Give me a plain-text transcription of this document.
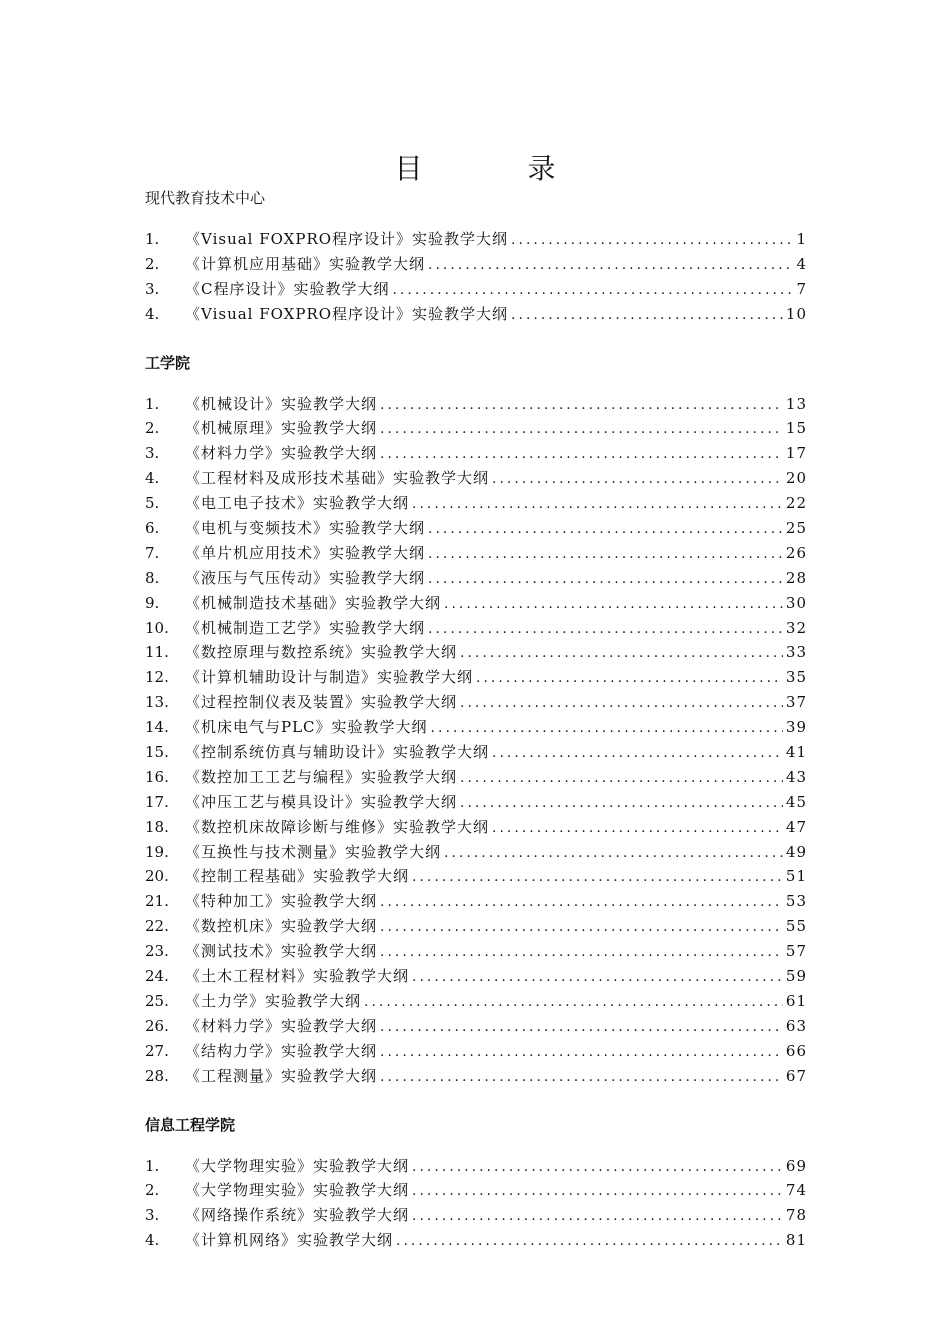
目 录
现代教育技术中心
1.	《Visual FOXPRO程序设计》实验教学大纲 .....	1
2.	《计算机应用基础》实验教学大纲 .....	4
3.	《C程序设计》实验教学大纲 .....	7
4.	《Visual FOXPRO程序设计》实验教学大纲 .....	10
工学院
1.	《机械设计》实验教学大纲 .....	13
2.	《机械原理》实验教学大纲 .....	15
3.	《材料力学》实验教学大纲 .....	17
4.	《工程材料及成形技术基础》实验教学大纲 .....	20
5.	《电工电子技术》实验教学大纲 .....	22
6.	《电机与变频技术》实验教学大纲 .....	25
7.	《单片机应用技术》实验教学大纲 .....	26
8.	《液压与气压传动》实验教学大纲 .....	28
9.	《机械制造技术基础》实验教学大纲 .....	30
10.	《机械制造工艺学》实验教学大纲 .....	32
11.	《数控原理与数控系统》实验教学大纲 .....	33
12.	《计算机辅助设计与制造》实验教学大纲 .....	35
13.	《过程控制仪表及装置》实验教学大纲 .....	37
14.	《机床电气与PLC》实验教学大纲 .....	39
15.	《控制系统仿真与辅助设计》实验教学大纲 .....	41
16.	《数控加工工艺与编程》实验教学大纲 .....	43
17.	《冲压工艺与模具设计》实验教学大纲 .....	45
18.	《数控机床故障诊断与维修》实验教学大纲 .....	47
19.	《互换性与技术测量》实验教学大纲 .....	49
20.	《控制工程基础》实验教学大纲 .....	51
21.	《特种加工》实验教学大纲 .....	53
22.	《数控机床》实验教学大纲 .....	55
23.	《测试技术》实验教学大纲 .....	57
24.	《土木工程材料》实验教学大纲 .....	59
25.	《土力学》实验教学大纲 .....	61
26.	《材料力学》实验教学大纲 .....	63
27.	《结构力学》实验教学大纲 .....	66
28.	《工程测量》实验教学大纲 .....	67
信息工程学院
1.	《大学物理实验》实验教学大纲 .....	69
2.	《大学物理实验》实验教学大纲 .....	74
3.	《网络操作系统》实验教学大纲 .....	78
4.	《计算机网络》实验教学大纲 .....	81
